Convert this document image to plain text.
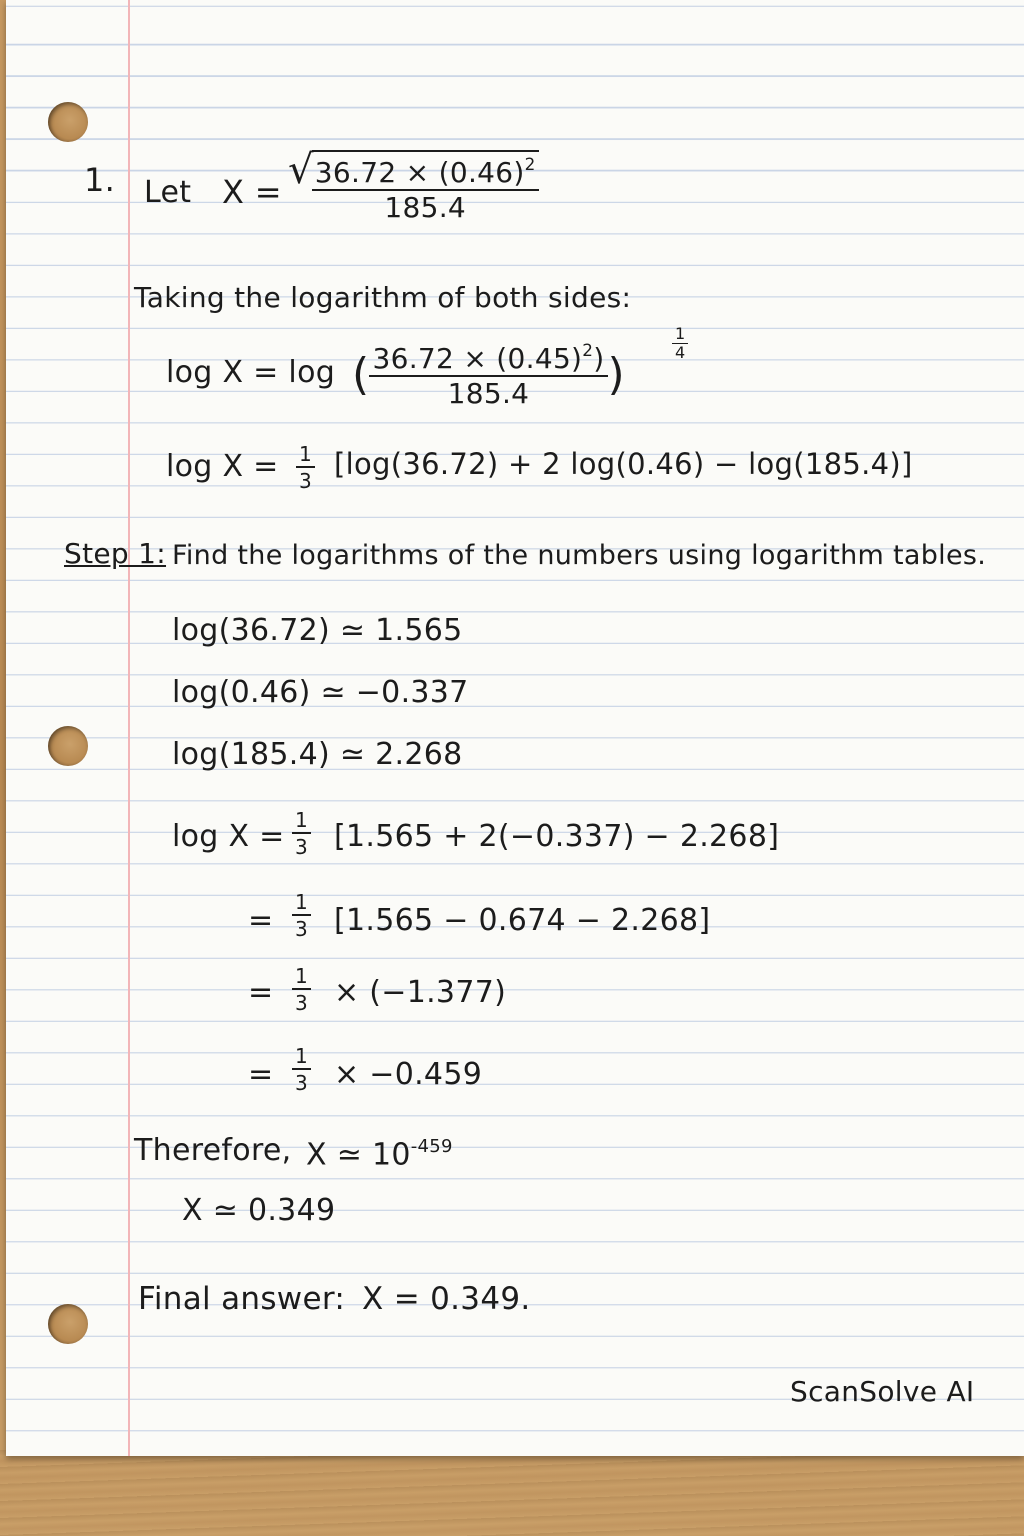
1. Let X = √
$\frac{36.72 \times (0.46)^2}{185.4}$

Taking the logarithm of both sides:

log X = log ( $\frac{36.72 \times (0.45)^2)}{185.4}$ )
$\frac{1}{4}$

$\log X = \frac{1}{3} [\log(36.72) + 2$ log(0.46) − log(185.4)]

Step 1: Find the logarithms of the numbers using logarithm tables.

log(36.72) ≃ 1.565

log(0.46) ≃ −0.337

log(185.4) ≃ 2.268

$\log X = \frac{1}{3} [1.565 + 2(-0.337) - 2.268]$

= $\frac{1}{3} [1.565 - 0.674 - 2.268]$

= $\frac{1}{3} \times (-1.377)$

= $\frac{1}{3} \times -0.459$

Therefore, X ≃ $10^{-459}$

X ≃ 0.349

Final answer: X = 0.349.

ScanSolve AI
